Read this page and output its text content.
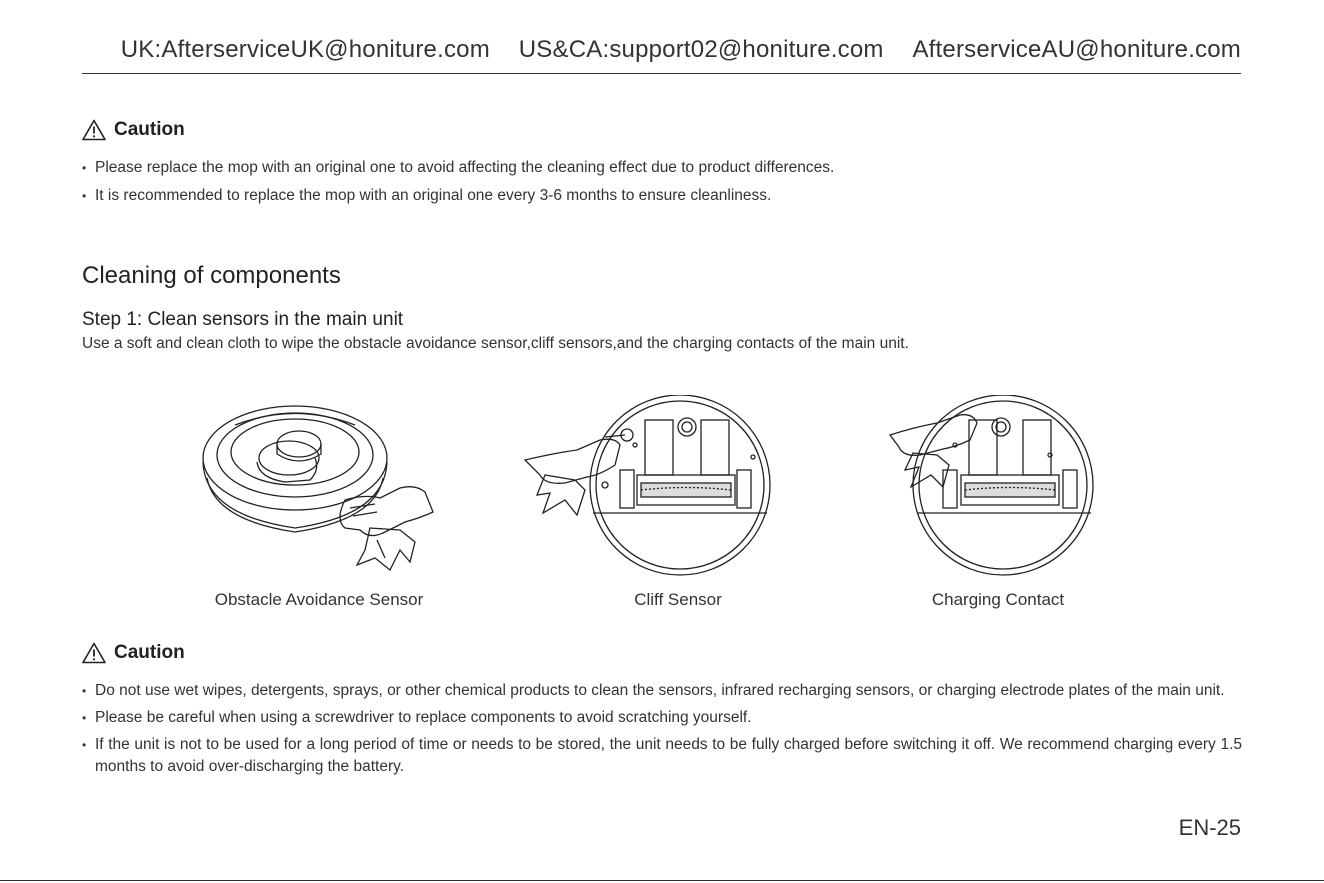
UK:AfterserviceUK@honiture.com US&CA:support02@honiture.com AfterserviceAU@honiture.com
Caution
• Please replace the mop with an original one to avoid affecting the cleaning effect due to product differences.
• It is recommended to replace the mop with an original one every 3-6 months to ensure cleanliness.
Cleaning of components
Step 1: Clean sensors in the main unit
Use a soft and clean cloth to wipe the obstacle avoidance sensor,cliff sensors,and the charging contacts of the main unit.
Obstacle Avoidance Sensor	Cliff Sensor	Charging Contact
Caution
• Do not use wet wipes, detergents, sprays, or other chemical products to clean the sensors, infrared recharging sensors, or charging electrode plates of the main unit.
• Please be careful when using a screwdriver to replace components to avoid scratching yourself.
• If the unit is not to be used for a long period of time or needs to be stored, the unit needs to be fully charged before switching it off. We recommend charging every 1.5 months to avoid over-discharging the battery.
EN-25
